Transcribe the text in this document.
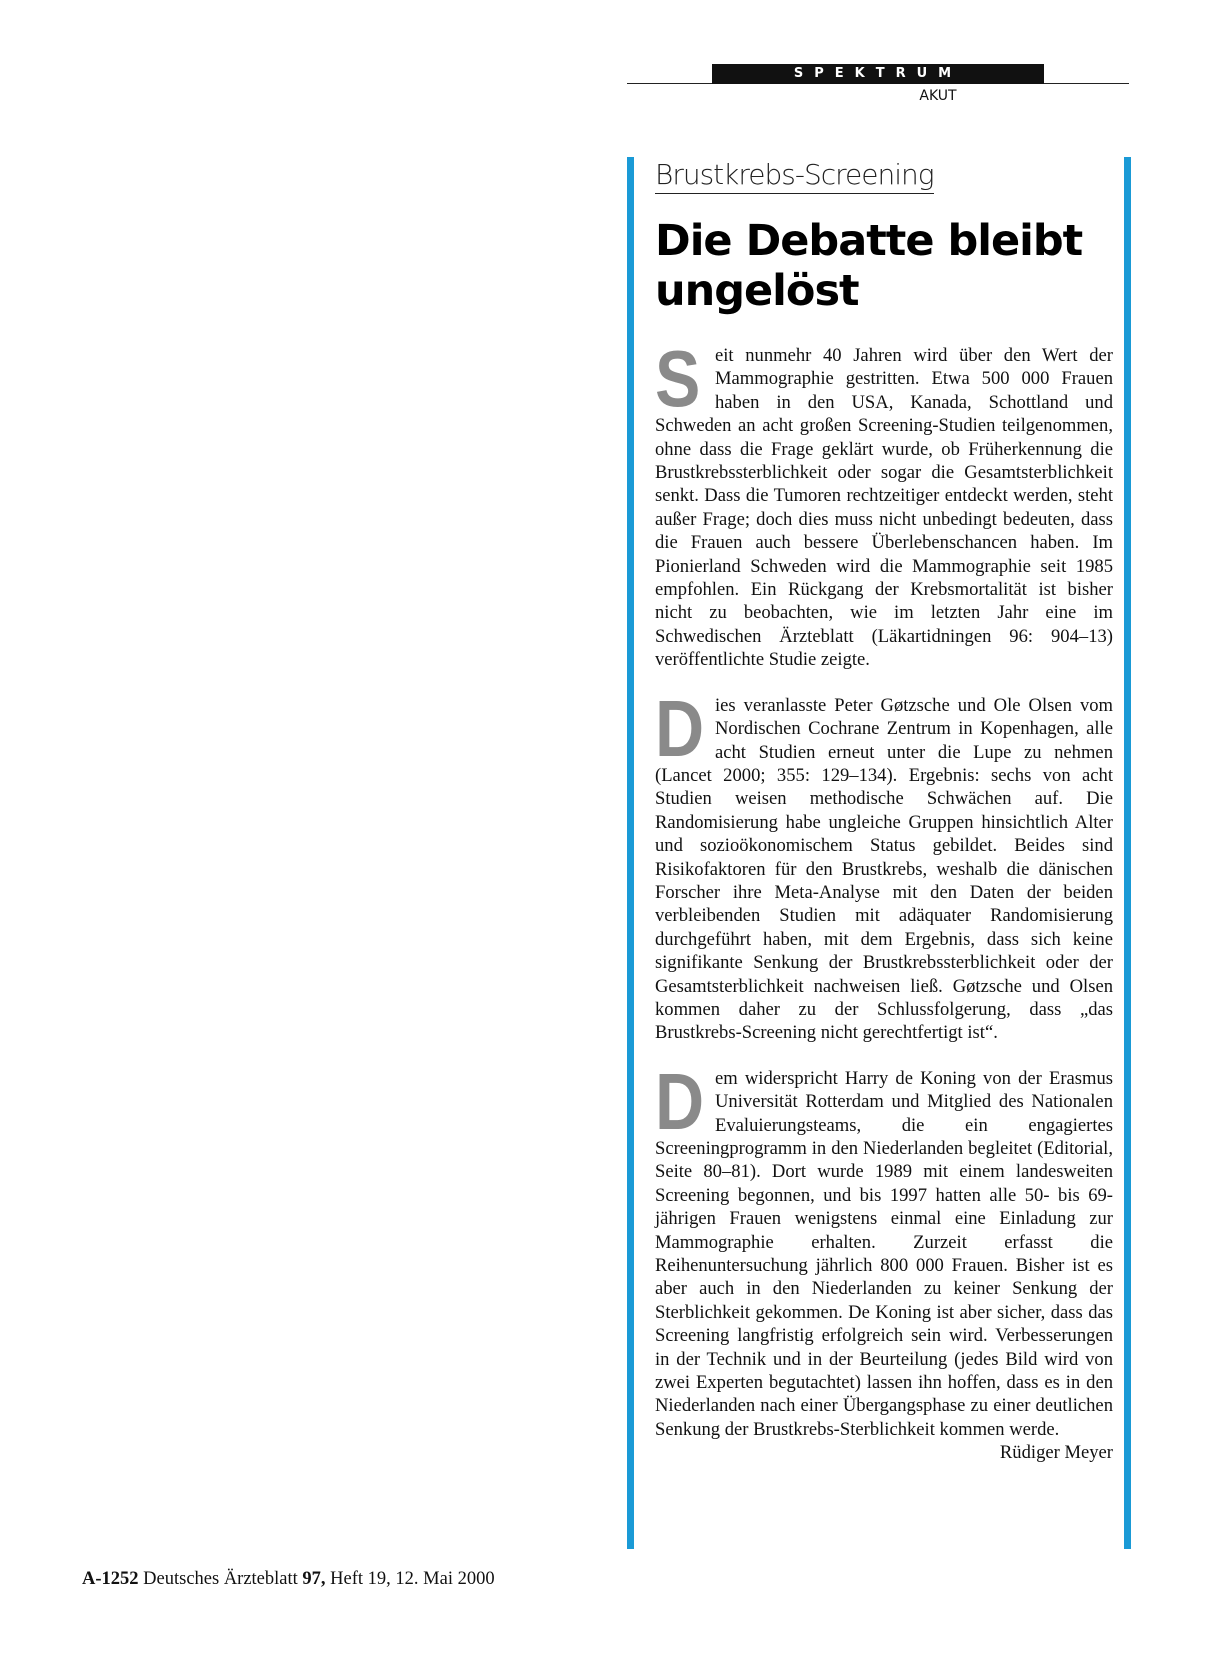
SPEKTRUM
AKUT
Brustkrebs-Screening
Die Debatte bleibt ungelöst

Seit nunmehr 40 Jahren wird über den Wert der Mammographie gestritten. Etwa 500 000 Frauen haben in den USA, Kanada, Schottland und Schweden an acht großen Screening-Studien teilgenommen, ohne dass die Frage geklärt wurde, ob Früherkennung die Brustkrebssterblichkeit oder sogar die Gesamtsterblichkeit senkt. Dass die Tumoren rechtzeitiger entdeckt werden, steht außer Frage; doch dies muss nicht unbedingt bedeuten, dass die Frauen auch bessere Überlebenschancen haben. Im Pionierland Schweden wird die Mammographie seit 1985 empfohlen. Ein Rückgang der Krebsmortalität ist bisher nicht zu beobachten, wie im letzten Jahr eine im Schwedischen Ärzteblatt (Läkartidningen 96: 904–13) veröffentlichte Studie zeigte.

Dies veranlasste Peter Gøtzsche und Ole Olsen vom Nordischen Cochrane Zentrum in Kopenhagen, alle acht Studien erneut unter die Lupe zu nehmen (Lancet 2000; 355: 129–134). Ergebnis: sechs von acht Studien weisen methodische Schwächen auf. Die Randomisierung habe ungleiche Gruppen hinsichtlich Alter und sozioökonomischem Status gebildet. Beides sind Risikofaktoren für den Brustkrebs, weshalb die dänischen Forscher ihre Meta-Analyse mit den Daten der beiden verbleibenden Studien mit adäquater Randomisierung durchgeführt haben, mit dem Ergebnis, dass sich keine signifikante Senkung der Brustkrebssterblichkeit oder der Gesamtsterblichkeit nachweisen ließ. Gøtzsche und Olsen kommen daher zu der Schlussfolgerung, dass „das Brustkrebs-Screening nicht gerechtfertigt ist“.

Dem widerspricht Harry de Koning von der Erasmus Universität Rotterdam und Mitglied des Nationalen Evaluierungsteams, die ein engagiertes Screeningprogramm in den Niederlanden begleitet (Editorial, Seite 80–81). Dort wurde 1989 mit einem landesweiten Screening begonnen, und bis 1997 hatten alle 50- bis 69-jährigen Frauen wenigstens einmal eine Einladung zur Mammographie erhalten. Zurzeit erfasst die Reihenuntersuchung jährlich 800 000 Frauen. Bisher ist es aber auch in den Niederlanden zu keiner Senkung der Sterblichkeit gekommen. De Koning ist aber sicher, dass das Screening langfristig erfolgreich sein wird. Verbesserungen in der Technik und in der Beurteilung (jedes Bild wird von zwei Experten begutachtet) lassen ihn hoffen, dass es in den Niederlanden nach einer Übergangsphase zu einer deutlichen Senkung der Brustkrebs-Sterblichkeit kommen werde.
Rüdiger Meyer

A-1252 Deutsches Ärzteblatt 97, Heft 19, 12. Mai 2000
